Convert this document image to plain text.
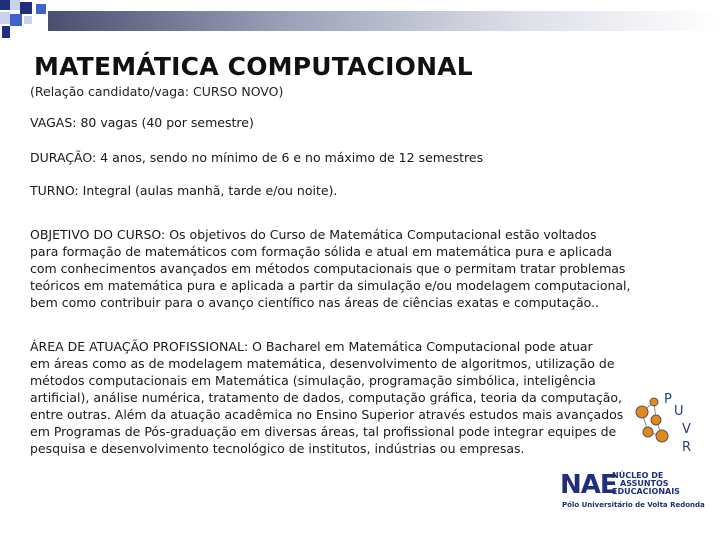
MATEMÁTICA COMPUTACIONAL
(Relação candidato/vaga: CURSO NOVO)
VAGAS: 80 vagas (40 por semestre)
DURAÇÃO: 4 anos, sendo no mínimo de 6 e no máximo de 12 semestres
TURNO: Integral (aulas manhã, tarde e/ou noite).
OBJETIVO DO CURSO: Os objetivos do Curso de Matemática Computacional estão voltados
para formação de matemáticos com formação sólida e atual em matemática pura e aplicada
com conhecimentos avançados em métodos computacionais que o permitam tratar problemas
teóricos em matemática pura e aplicada a partir da simulação e/ou modelagem computacional,
bem como contribuir para o avanço científico nas áreas de ciências exatas e computação..
ÁREA DE ATUAÇÃO PROFISSIONAL: O Bacharel em Matemática Computacional pode atuar
em áreas como as de modelagem matemática, desenvolvimento de algoritmos, utilização de
métodos computacionais em Matemática (simulação, programação simbólica, inteligência
artificial), análise numérica, tratamento de dados, computação gráfica, teoria da computação,
entre outras. Além da atuação acadêmica no Ensino Superior através estudos mais avançados
em Programas de Pós-graduação em diversas áreas, tal profissional pode integrar equipes de
pesquisa e desenvolvimento tecnológico de institutos, indústrias ou empresas.
P
U
V
R
NAE
NÚCLEO DE
ASSUNTOS
EDUCACIONAIS
Pólo Universitário de Volta Redonda
